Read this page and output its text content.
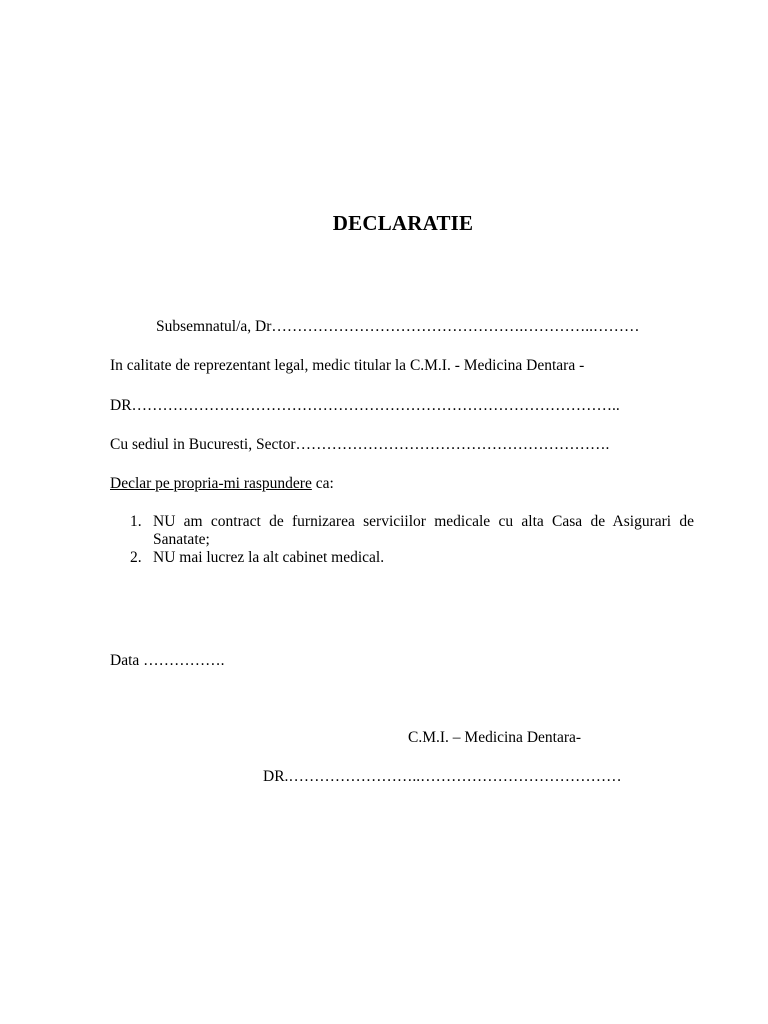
DECLARATIE
Subsemnatul/a, Dr………………………………………….…………..………
In calitate de reprezentant legal, medic titular la C.M.I. - Medicina Dentara -
DR…………………………………………………………………………………..
Cu sediul in Bucuresti, Sector…………………………………………………….
Declar pe propria-mi raspundere ca:
1. NU am contract de furnizarea serviciilor medicale cu alta Casa de Asigurari de Sanatate;
2. NU mai lucrez la alt cabinet medical.
Data …………….
C.M.I. – Medicina Dentara-
DR.……………………..…………………………………
